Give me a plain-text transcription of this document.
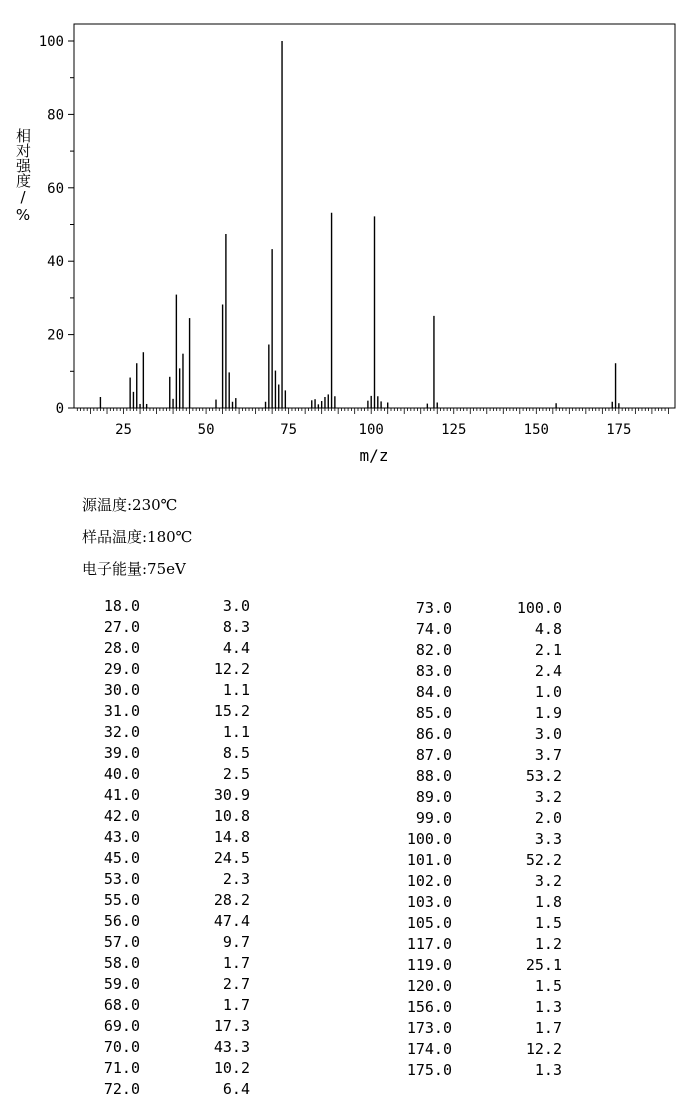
0
20
40
60
80
100
25	50	75	100	125	150	175
m/z
相对强度/%
源温度:230℃
样品温度:180℃
电子能量:75eV
18.0	3.0
27.0	8.3
28.0	4.4
29.0	12.2
30.0	1.1
31.0	15.2
32.0	1.1
39.0	8.5
40.0	2.5
41.0	30.9
42.0	10.8
43.0	14.8
45.0	24.5
53.0	2.3
55.0	28.2
56.0	47.4
57.0	9.7
58.0	1.7
59.0	2.7
68.0	1.7
69.0	17.3
70.0	43.3
71.0	10.2
72.0	6.4
73.0	100.0
74.0	4.8
82.0	2.1
83.0	2.4
84.0	1.0
85.0	1.9
86.0	3.0
87.0	3.7
88.0	53.2
89.0	3.2
99.0	2.0
100.0	3.3
101.0	52.2
102.0	3.2
103.0	1.8
105.0	1.5
117.0	1.2
119.0	25.1
120.0	1.5
156.0	1.3
173.0	1.7
174.0	12.2
175.0	1.3
